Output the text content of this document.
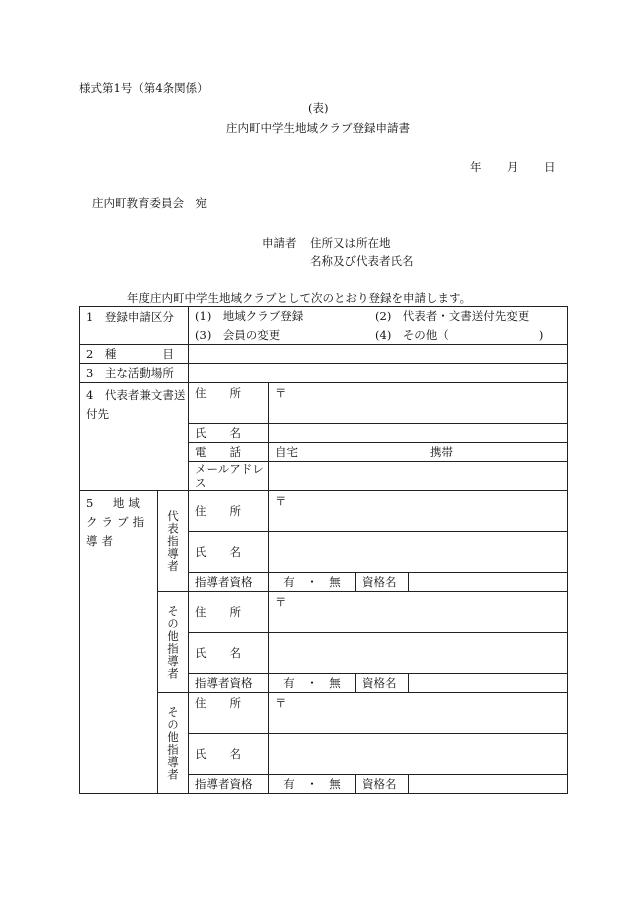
様式第1号（第4条関係）
(表)
庄内町中学生地域クラブ登録申請書
年 月 日
庄内町教育委員会　宛
申請者 住所又は所在地
名称及び代表者氏名
年度庄内町中学生地域クラブとして次のとおり登録を申請します。
1　登録申請区分		(1)　地域クラブ登録 (2)　代表者・文書送付先変更			
		(3)　会員の変更 (4)　その他（ )			
2　種　　　　目					
3　主な活動場所					
4　代表者兼文書送付先		住　　所	〒		
		氏　　名			
		電　　話	自宅 携帯		
		メールアドレス			
5　地域クラブ指導者	代表指導者	住　　所	〒		
		氏　　名			
		指導者資格	有　・　無	資格名	
	その他指導者	住　　所	〒		
		氏　　名			
		指導者資格	有　・　無	資格名	
	その他指導者	住　　所	〒		
		氏　　名			
		指導者資格	有　・　無	資格名	
